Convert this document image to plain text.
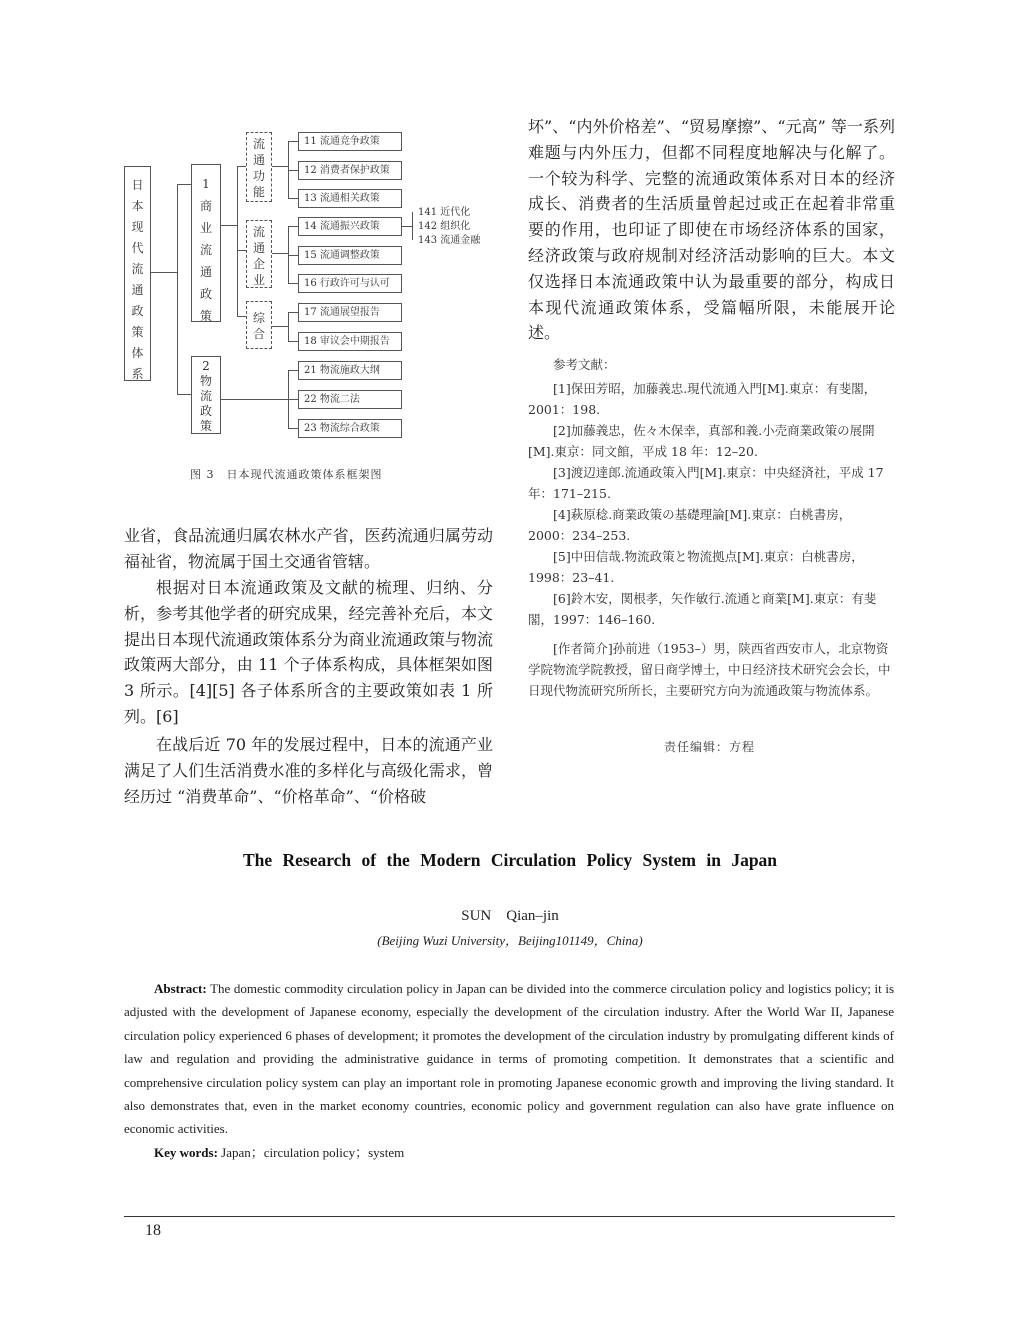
日本现代流通政策体系
1商业流通政策
2物流政策
流通功能
流通企业
综合
11 流通竞争政策
12 消费者保护政策
13 流通相关政策
14 流通振兴政策
15 流通调整政策
16 行政许可与认可
17 流通展望报告
18 审议会中期报告
21 物流施政大纲
22 物流二法
23 物流综合政策
141 近代化
142 组织化
143 流通金融
图 3　日本现代流通政策体系框架图
业省，食品流通归属农林水产省，医药流通归属劳动福祉省，物流属于国土交通省管辖。
根据对日本流通政策及文献的梳理、归纳、分析，参考其他学者的研究成果，经完善补充后，本文提出日本现代流通政策体系分为商业流通政策与物流政策两大部分，由 11 个子体系构成，具体框架如图 3 所示。[4][5] 各子体系所含的主要政策如表 1 所列。[6]
在战后近 70 年的发展过程中，日本的流通产业满足了人们生活消费水准的多样化与高级化需求，曾经历过 “消费革命”、“价格革命”、“价格破
坏”、“内外价格差”、“贸易摩擦”、“元高” 等一系列难题与内外压力，但都不同程度地解决与化解了。一个较为科学、完整的流通政策体系对日本的经济成长、消费者的生活质量曾起过或正在起着非常重要的作用，也印证了即使在市场经济体系的国家，经济政策与政府规制对经济活动影响的巨大。本文仅选择日本流通政策中认为最重要的部分，构成日本现代流通政策体系，受篇幅所限，未能展开论述。

参考文献：

[1]保田芳昭，加藤義忠.現代流通入門[M].東京：有斐閣，2001：198.

[2]加藤義忠，佐々木保幸，真部和義.小売商業政策の展開[M].東京：同文館，平成 18 年：12–20.

[3]渡辺達郎.流通政策入門[M].東京：中央経済社，平成 17 年：171–215.

[4]萩原稔.商業政策の基礎理論[M].東京：白桃書房，2000：234–253.

[5]中田信哉.物流政策と物流拠点[M].東京：白桃書房，1998：23–41.

[6]鈴木安，関根孝，矢作敏行.流通と商業[M].東京：有斐閣，1997：146–160.

[作者简介]孙前进（1953–）男，陕西省西安市人，北京物资学院物流学院教授，留日商学博士，中日经济技术研究会会长，中日现代物流研究所所长，主要研究方向为流通政策与物流体系。

责任编辑：方程
The Research of the Modern Circulation Policy System in Japan
SUN　Qian–jin
(Beijing Wuzi University，Beijing101149，China)

Abstract: The domestic commodity circulation policy in Japan can be divided into the commerce circulation policy and logistics policy; it is adjusted with the development of Japanese economy, especially the development of the circulation industry. After the World War II, Japanese circulation policy experienced 6 phases of development; it promotes the development of the circulation industry by promulgating different kinds of law and regulation and providing the administrative guidance in terms of promoting competition. It demonstrates that a scientific and comprehensive circulation policy system can play an important role in promoting Japanese economic growth and improving the living standard. It also demonstrates that, even in the market economy countries, economic policy and government regulation can also have grate influence on economic activities.

Key words: Japan；circulation policy；system

18
